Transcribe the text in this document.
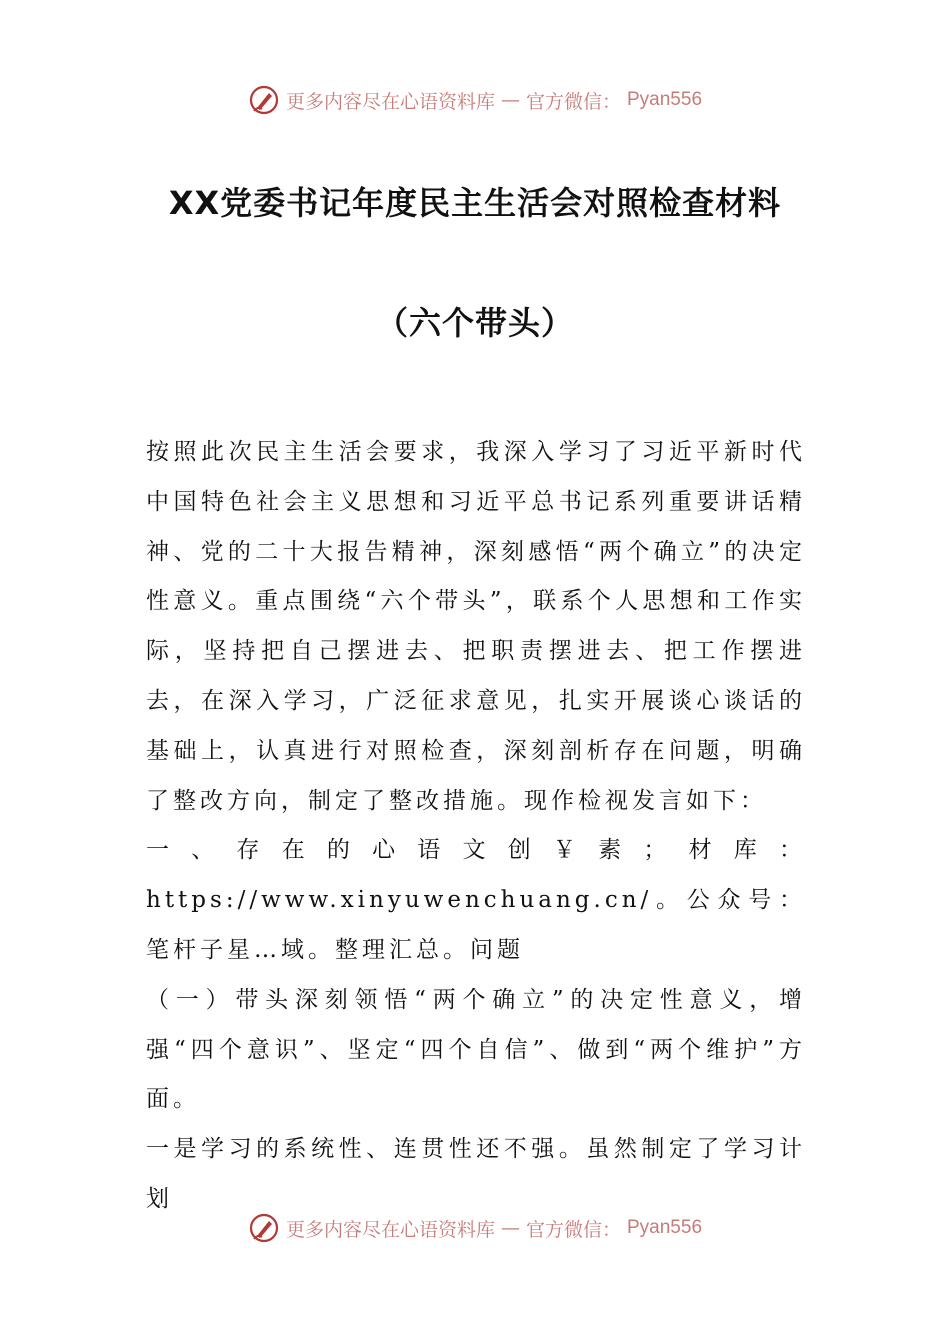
更多内容尽在心语资料库 — 官方微信： Pyan556
XX党委书记年度民主生活会对照检查材料
（六个带头）

按照此次民主生活会要求，我深入学习了习近平新时代中国特色社会主义思想和习近平总书记系列重要讲话精神、党的二十大报告精神，深刻感悟“两个确立”的决定性意义。重点围绕“六个带头”，联系个人思想和工作实际，坚持把自己摆进去、把职责摆进去、把工作摆进去，在深入学习，广泛征求意见，扎实开展谈心谈话的基础上，认真进行对照检查，深刻剖析存在问题，明确了整改方向，制定了整改措施。现作检视发言如下：

一、存在的心语文创￥素；材库：https://www.xinyuwenchuang.cn/。公众号：笔杆子星…域。整理汇总。问题

（一）带头深刻领悟“两个确立”的决定性意义，增强“四个意识”、坚定“四个自信”、做到“两个维护”方面。

一是学习的系统性、连贯性还不强。虽然制定了学习计划

更多内容尽在心语资料库 — 官方微信： Pyan556
